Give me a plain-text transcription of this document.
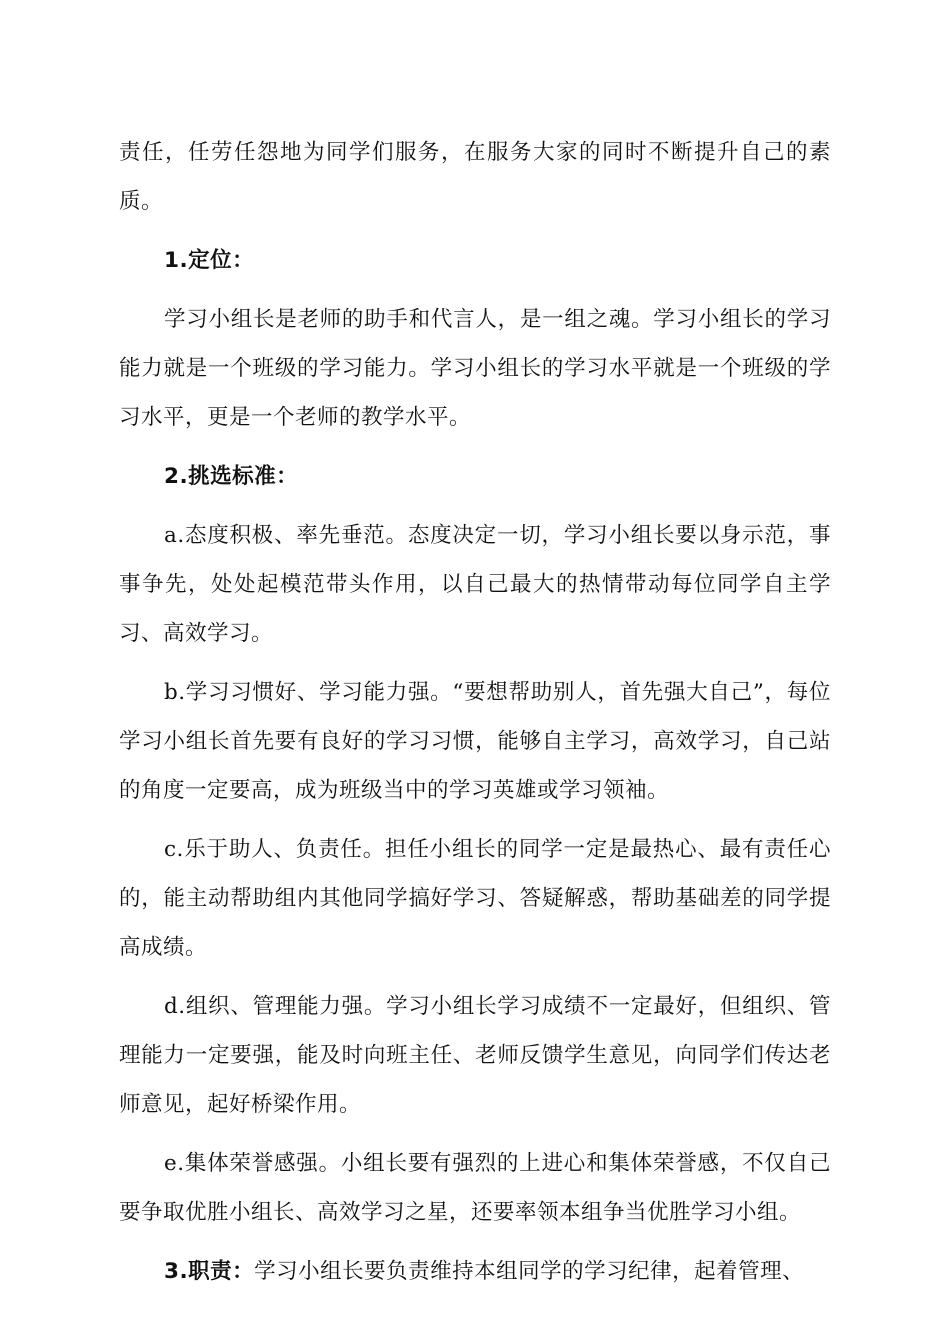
责任，任劳任怨地为同学们服务，在服务大家的同时不断提升自己的素质。

1.定位：

学习小组长是老师的助手和代言人，是一组之魂。学习小组长的学习能力就是一个班级的学习能力。学习小组长的学习水平就是一个班级的学习水平，更是一个老师的教学水平。

2.挑选标准：

a.态度积极、率先垂范。态度决定一切，学习小组长要以身示范，事事争先，处处起模范带头作用，以自己最大的热情带动每位同学自主学习、高效学习。

b.学习习惯好、学习能力强。“要想帮助别人，首先强大自己”，每位学习小组长首先要有良好的学习习惯，能够自主学习，高效学习，自己站的角度一定要高，成为班级当中的学习英雄或学习领袖。

c.乐于助人、负责任。担任小组长的同学一定是最热心、最有责任心的，能主动帮助组内其他同学搞好学习、答疑解惑，帮助基础差的同学提高成绩。

d.组织、管理能力强。学习小组长学习成绩不一定最好，但组织、管理能力一定要强，能及时向班主任、老师反馈学生意见，向同学们传达老师意见，起好桥梁作用。

e.集体荣誉感强。小组长要有强烈的上进心和集体荣誉感，不仅自己要争取优胜小组长、高效学习之星，还要率领本组争当优胜学习小组。

3.职责：学习小组长要负责维持本组同学的学习纪律，起着管理、
